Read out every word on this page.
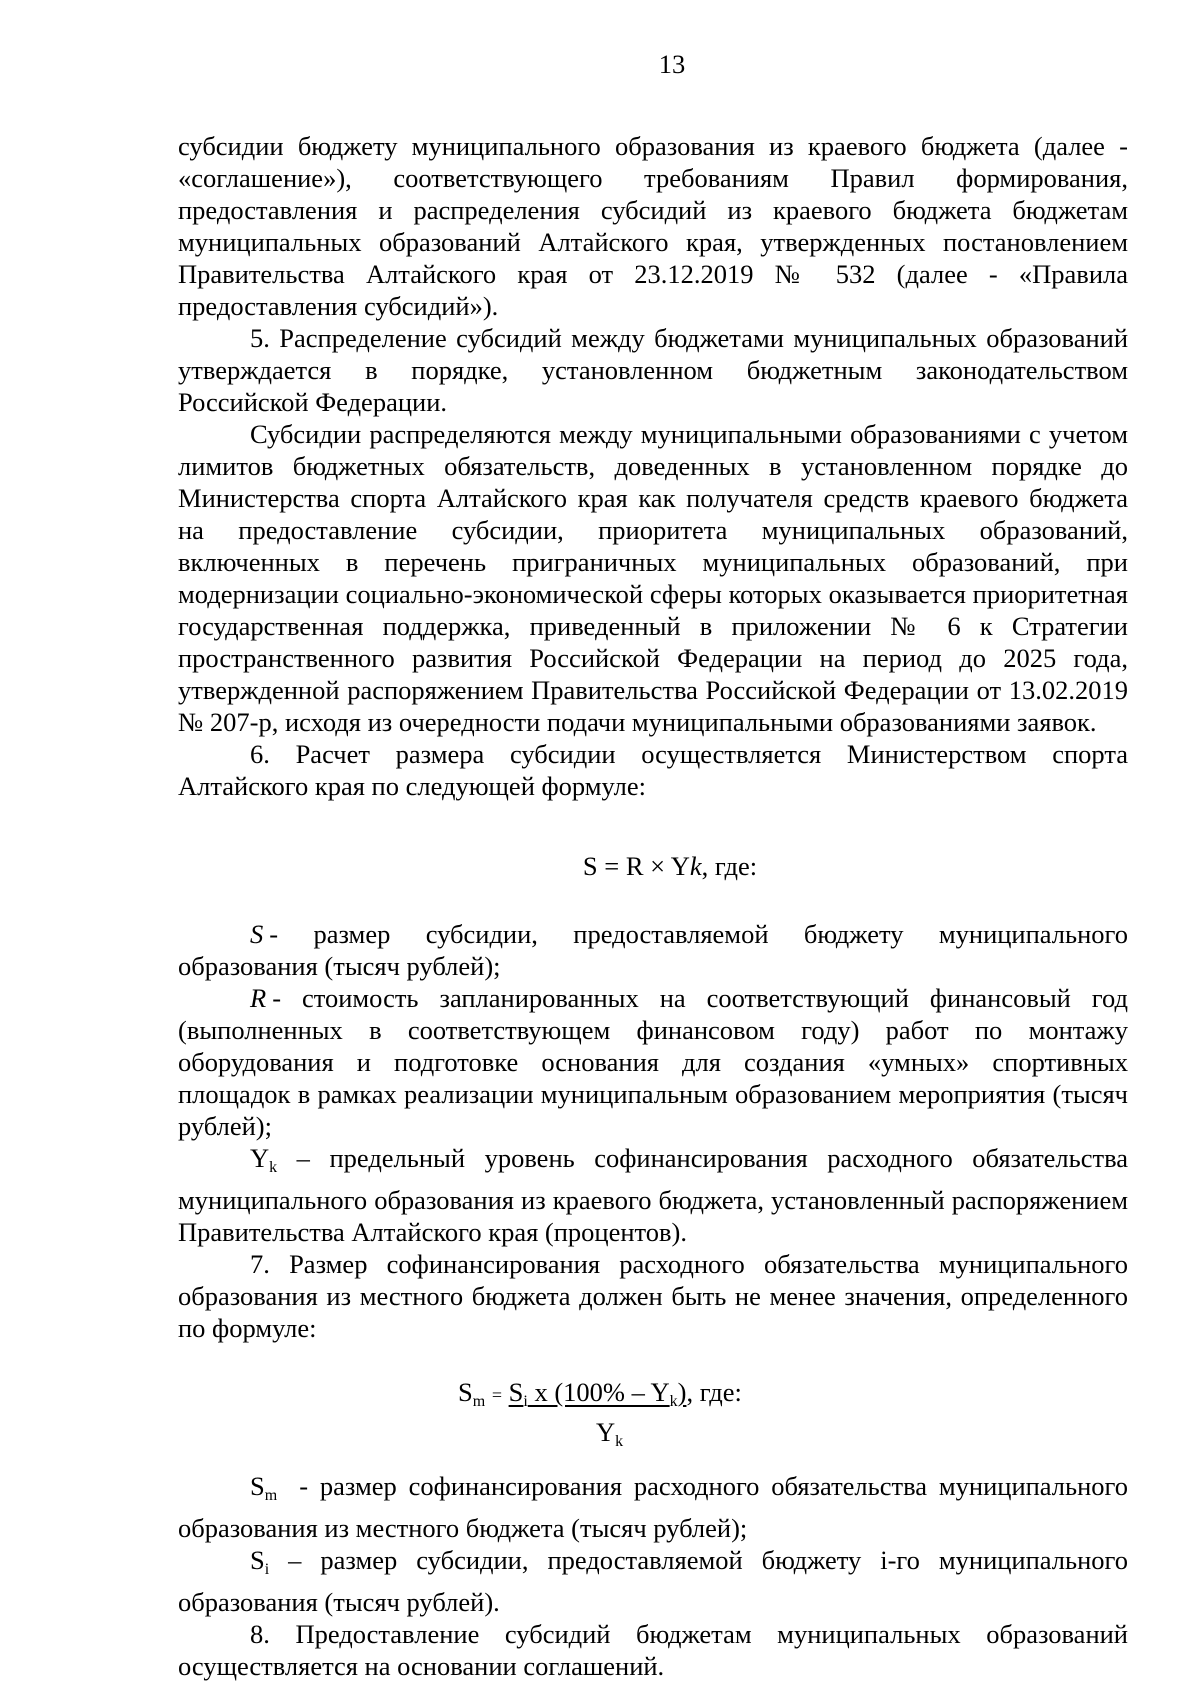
13

субсидии бюджету муниципального образования из краевого бюджета (далее - «соглашение»), соответствующего требованиям Правил формирования, предоставления и распределения субсидий из краевого бюджета бюджетам муниципальных образований Алтайского края, утвержденных постановлением Правительства Алтайского края от 23.12.2019 № 532 (далее - «Правила предоставления субсидий»).

5. Распределение субсидий между бюджетами муниципальных образований утверждается в порядке, установленном бюджетным законодательством Российской Федерации.

Субсидии распределяются между муниципальными образованиями с учетом лимитов бюджетных обязательств, доведенных в установленном порядке до Министерства спорта Алтайского края как получателя средств краевого бюджета на предоставление субсидии, приоритета муниципальных образований, включенных в перечень приграничных муниципальных образований, при модернизации социально-экономической сферы которых оказывается приоритетная государственная поддержка, приведенный в приложении № 6 к Стратегии пространственного развития Российской Федерации на период до 2025 года, утвержденной распоряжением Правительства Российской Федерации от 13.02.2019 № 207-р, исходя из очередности подачи муниципальными образованиями заявок.

6. Расчет размера субсидии осуществляется Министерством спорта Алтайского края по следующей формуле:

S = R × Yk, где:

S - размер субсидии, предоставляемой бюджету муниципального образования (тысяч рублей);

R - стоимость запланированных на соответствующий финансовый год (выполненных в соответствующем финансовом году) работ по монтажу оборудования и подготовке основания для создания «умных» спортивных площадок в рамках реализации муниципальным образованием мероприятия (тысяч рублей);

$Y_k$ – предельный уровень софинансирования расходного обязательства муниципального образования из краевого бюджета, установленный распоряжением Правительства Алтайского края (процентов).

7. Размер софинансирования расходного обязательства муниципального образования из местного бюджета должен быть не менее значения, определенного по формуле:

$S_m = S_i$ x $(100\% - Y_k)$, где:
$Y_k$

$S_m$ - размер софинансирования расходного обязательства муниципального образования из местного бюджета (тысяч рублей);

$S_i$ – размер субсидии, предоставляемой бюджету i-го муниципального образования (тысяч рублей).

8. Предоставление субсидий бюджетам муниципальных образований осуществляется на основании соглашений.
